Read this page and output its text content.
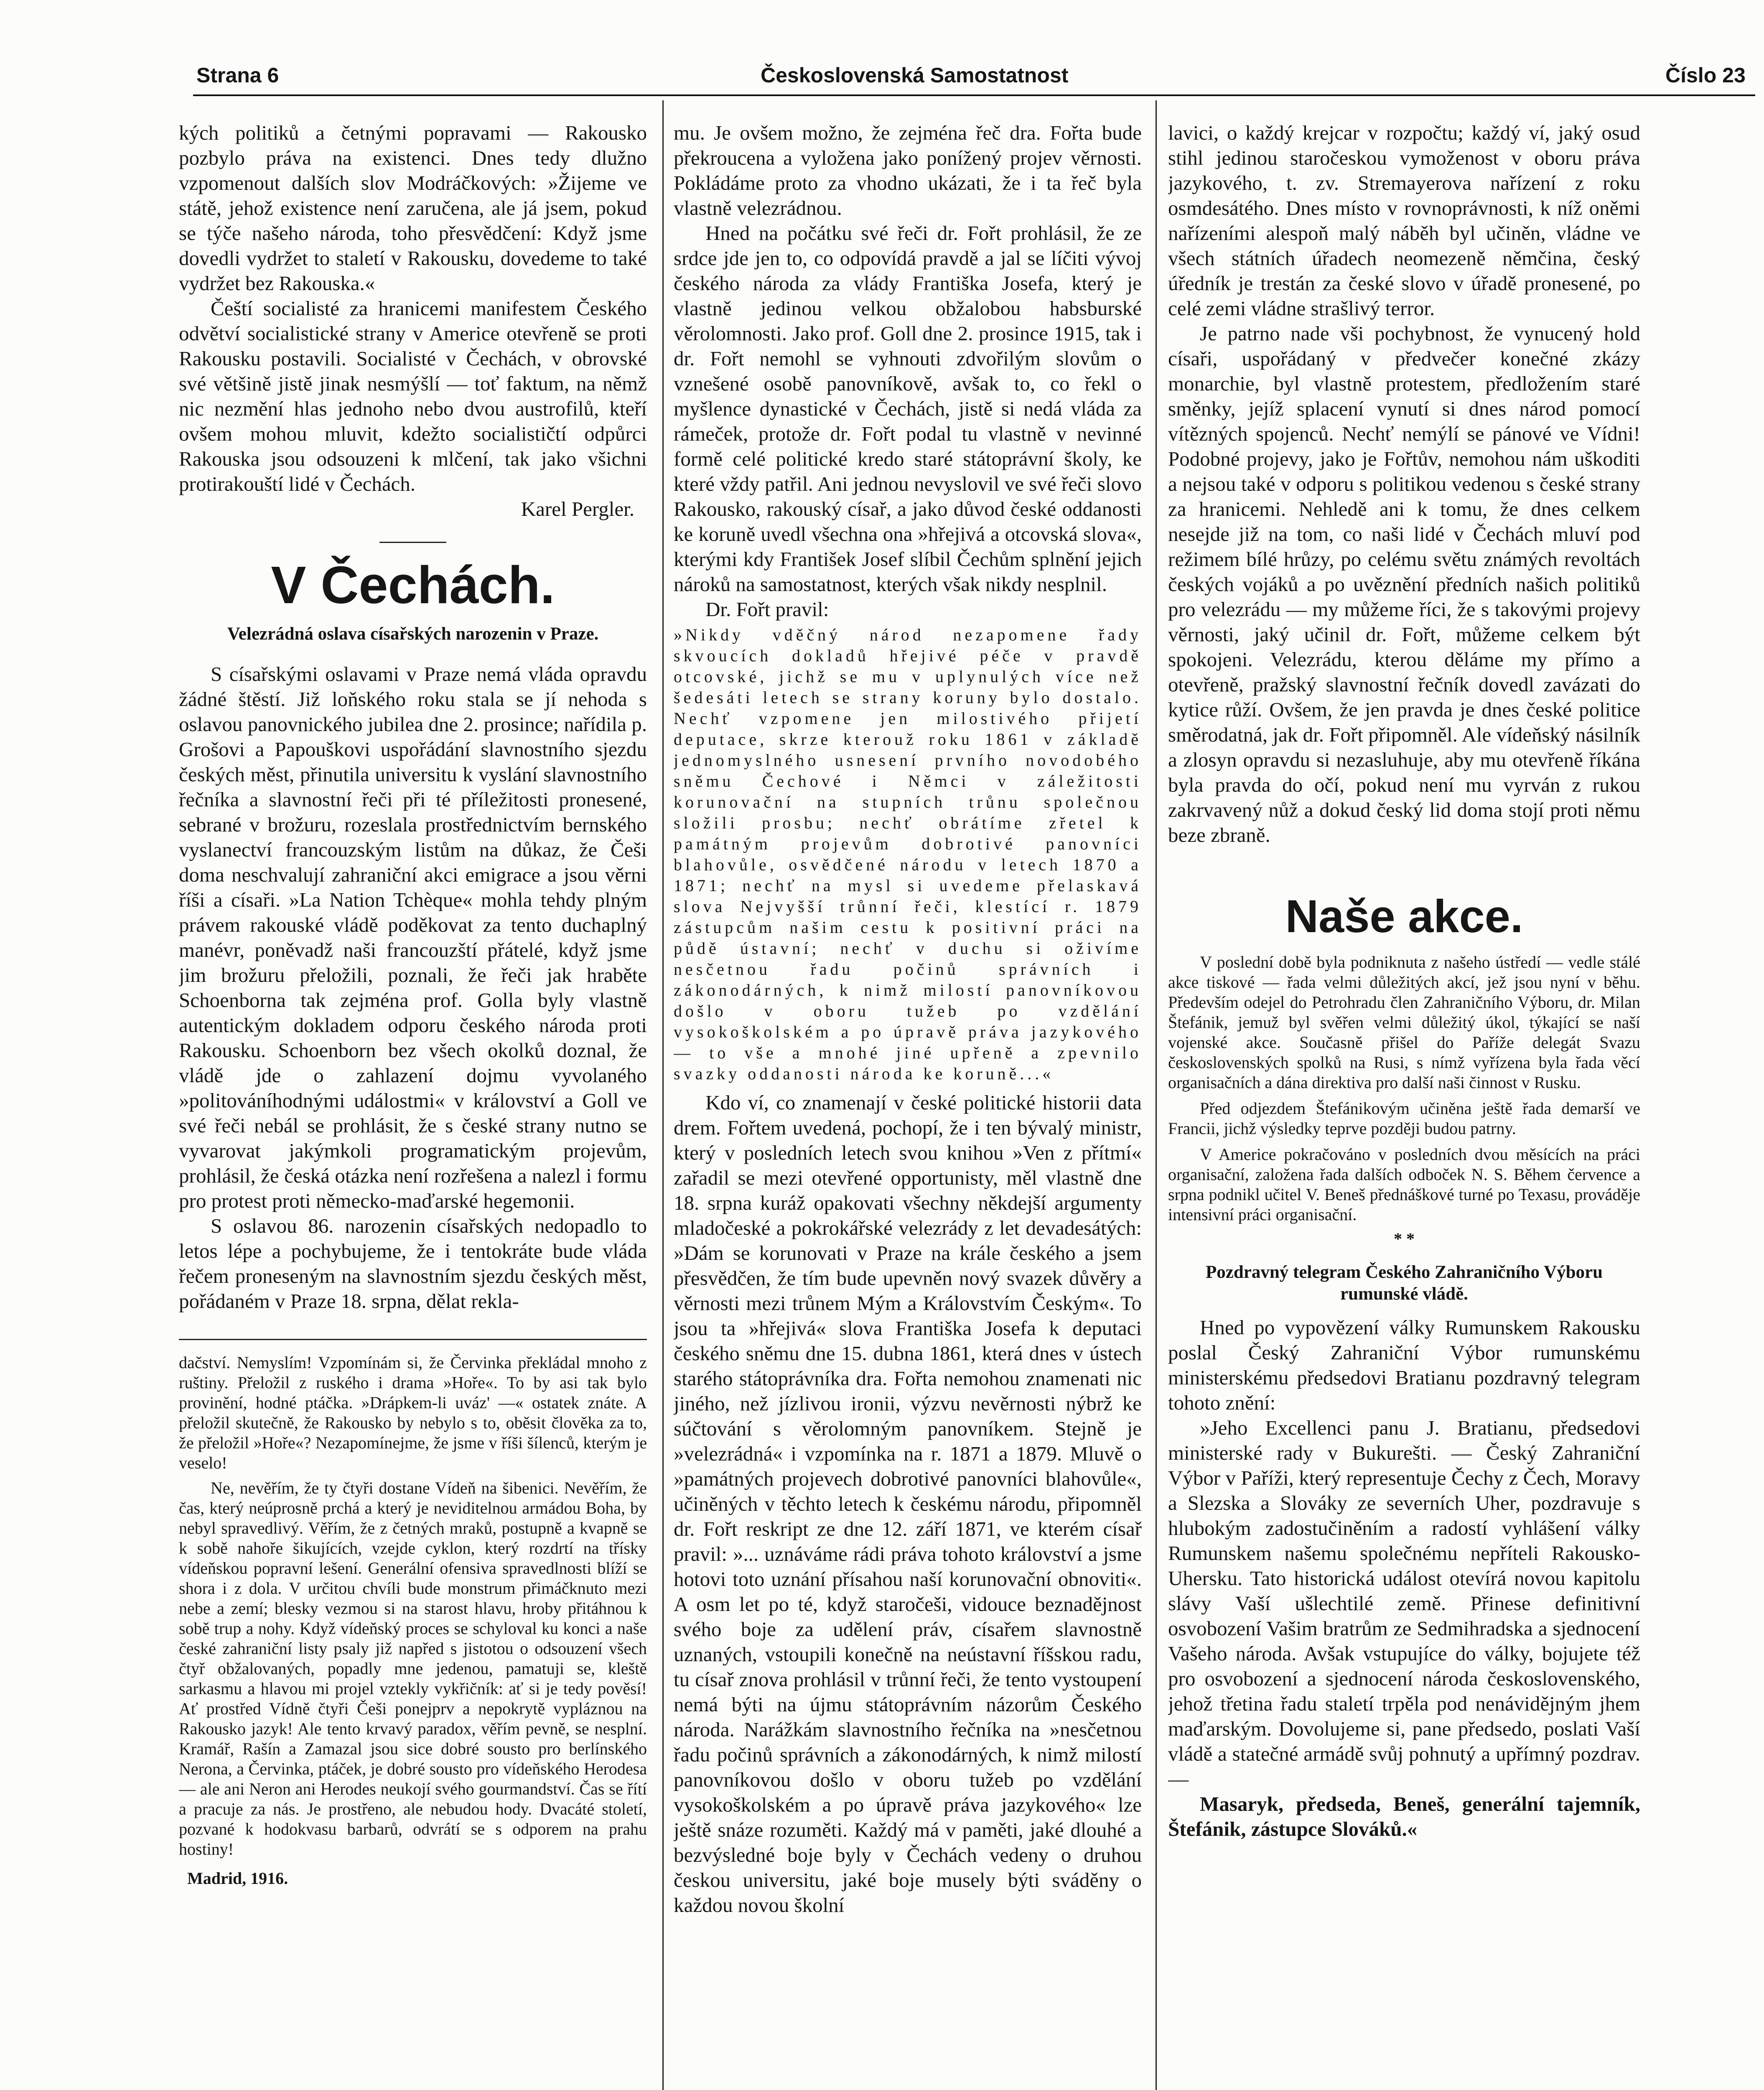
Strana 6	Československá Samostatnost	Číslo 23

kých politiků a četnými popravami — Rakousko pozbylo práva na existenci. Dnes tedy dlužno vzpomenout dalších slov Modráčkových: »Žijeme ve státě, jehož existence není zaručena, ale já jsem, pokud se týče našeho národa, toho přesvědčení: Když jsme dovedli vydržet to staletí v Rakousku, dovedeme to také vydržet bez Rakouska.«

Čeští socialisté za hranicemi manifestem Českého odvětví socialistické strany v Americe otevřeně se proti Rakousku postavili. Socialisté v Čechách, v obrovské své většině jistě jinak nesmýšlí — toť faktum, na němž nic nezmění hlas jednoho nebo dvou austrofilů, kteří ovšem mohou mluvit, kdežto socialističtí odpůrci Rakouska jsou odsouzeni k mlčení, tak jako všichni protirakouští lidé v Čechách.

Karel Pergler.

V Čechách.
Velezrádná oslava císařských narozenin v Praze.

S císařskými oslavami v Praze nemá vláda opravdu žádné štěstí. Již loňského roku stala se jí nehoda s oslavou panovnického jubilea dne 2. prosince; nařídila p. Grošovi a Papouškovi uspořádání slavnostního sjezdu českých měst, přinutila universitu k vyslání slavnostního řečníka a slavnostní řeči při té příležitosti pronesené, sebrané v brožuru, rozeslala prostřednictvím bernského vyslanectví francouzským listům na důkaz, že Češi doma neschvalují zahraniční akci emigrace a jsou věrni říši a císaři. »La Nation Tchèque« mohla tehdy plným právem rakouské vládě poděkovat za tento duchaplný manévr, poněvadž naši francouzští přátelé, když jsme jim brožuru přeložili, poznali, že řeči jak hraběte Schoenborna tak zejména prof. Golla byly vlastně autentickým dokladem odporu českého národa proti Rakousku. Schoenborn bez všech okolků doznal, že vládě jde o zahlazení dojmu vyvolaného »politováníhodnými událostmi« v království a Goll ve své řeči nebál se prohlásit, že s české strany nutno se vyvarovat jakýmkoli programatickým projevům, prohlásil, že česká otázka není rozřešena a nalezl i formu pro protest proti německo-maďarské hegemonii.

S oslavou 86. narozenin císařských nedopadlo to letos lépe a pochybujeme, že i tentokráte bude vláda řečem proneseným na slavnostním sjezdu českých měst, pořádaném v Praze 18. srpna, dělat rekla-

dačství. Nemyslím! Vzpomínám si, že Červinka překládal mnoho z ruštiny. Přeložil z ruského i drama »Hoře«. To by asi tak bylo provinění, hodné ptáčka. »Drápkem-li uváz' —« ostatek znáte. A přeložil skutečně, že Rakousko by nebylo s to, oběsit člověka za to, že přeložil »Hoře«? Nezapomínejme, že jsme v říši šílenců, kterým je veselo!

Ne, nevěřím, že ty čtyři dostane Vídeň na šibenici. Nevěřím, že čas, který neúprosně prchá a který je neviditelnou armádou Boha, by nebyl spravedlivý. Věřím, že z četných mraků, postupně a kvapně se k sobě nahoře šikujících, vzejde cyklon, který rozdrtí na třísky vídeňskou popravní lešení. Generální ofensiva spravedlnosti blíží se shora i z dola. V určitou chvíli bude monstrum přimáčknuto mezi nebe a zemí; blesky vezmou si na starost hlavu, hroby přitáhnou k sobě trup a nohy. Když vídeňský proces se schyloval ku konci a naše české zahraniční listy psaly již napřed s jistotou o odsouzení všech čtyř obžalovaných, popadly mne jedenou, pamatuji se, kleště sarkasmu a hlavou mi projel vztekly vykřičník: ať si je tedy pověsí! Ať prostřed Vídně čtyři Češi ponejprv a nepokrytě vypláznou na Rakousko jazyk! Ale tento krvavý paradox, věřím pevně, se nesplní. Kramář, Rašín a Zamazal jsou sice dobré sousto pro berlínského Nerona, a Červinka, ptáček, je dobré sousto pro vídeňského Herodesa — ale ani Neron ani Herodes neukojí svého gourmandství. Čas se řítí a pracuje za nás. Je prostřeno, ale nebudou hody. Dvacáté století, pozvané k hodokvasu barbarů, odvrátí se s odporem na prahu hostiny!

Madrid, 1916.

mu. Je ovšem možno, že zejména řeč dra. Fořta bude překroucena a vyložena jako ponížený projev věrnosti. Pokládáme proto za vhodno ukázati, že i ta řeč byla vlastně velezrádnou.

Hned na počátku své řeči dr. Fořt prohlásil, že ze srdce jde jen to, co odpovídá pravdě a jal se líčiti vývoj českého národa za vlády Františka Josefa, který je vlastně jedinou velkou obžalobou habsburské věrolomnosti. Jako prof. Goll dne 2. prosince 1915, tak i dr. Fořt nemohl se vyhnouti zdvořilým slovům o vznešené osobě panovníkově, avšak to, co řekl o myšlence dynastické v Čechách, jistě si nedá vláda za rámeček, protože dr. Fořt podal tu vlastně v nevinné formě celé politické kredo staré státoprávní školy, ke které vždy patřil. Ani jednou nevyslovil ve své řeči slovo Rakousko, rakouský císař, a jako důvod české oddanosti ke koruně uvedl všechna ona »hřejivá a otcovská slova«, kterými kdy František Josef slíbil Čechům splnění jejich nároků na samostatnost, kterých však nikdy nesplnil.

Dr. Fořt pravil:

»Nikdy vděčný národ nezapomene řady skvoucích dokladů hřejivé péče v pravdě otcovské, jichž se mu v uplynulých více než šedesáti letech se strany koruny bylo dostalo. Nechť vzpomene jen milostivého přijetí deputace, skrze kterouž roku 1861 v základě jednomyslného usnesení prvního novodobého sněmu Čechové i Němci v záležitosti korunovační na stupních trůnu společnou složili prosbu; nechť obrátíme zřetel k památným projevům dobrotivé panovníci blahovůle, osvědčené národu v letech 1870 a 1871; nechť na mysl si uvedeme přelaskavá slova Nejvyšší trůnní řeči, klestící r. 1879 zástupcům našim cestu k positivní práci na půdě ústavní; nechť v duchu si oživíme nesčetnou řadu počinů správních i zákonodárných, k nimž milostí panovníkovou došlo v oboru tužeb po vzdělání vysokoškolském a po úpravě práva jazykového — to vše a mnohé jiné upřeně a zpevnilo svazky oddanosti národa ke koruně...«

Kdo ví, co znamenají v české politické historii data drem. Fořtem uvedená, pochopí, že i ten bývalý ministr, který v posledních letech svou knihou »Ven z přítmí« zařadil se mezi otevřené opportunisty, měl vlastně dne 18. srpna kuráž opakovati všechny někdejší argumenty mladočeské a pokrokářské velezrády z let devadesátých: »Dám se korunovati v Praze na krále českého a jsem přesvědčen, že tím bude upevněn nový svazek důvěry a věrnosti mezi trůnem Mým a Královstvím Českým«. To jsou ta »hřejivá« slova Františka Josefa k deputaci českého sněmu dne 15. dubna 1861, která dnes v ústech starého státoprávníka dra. Fořta nemohou znamenati nic jiného, než jízlivou ironii, výzvu nevěrnosti nýbrž ke súčtování s věrolomným panovníkem. Stejně je »velezrádná« i vzpomínka na r. 1871 a 1879. Mluvě o »památných projevech dobrotivé panovníci blahovůle«, učiněných v těchto letech k českému národu, připomněl dr. Fořt reskript ze dne 12. září 1871, ve kterém císař pravil: »... uznáváme rádi práva tohoto království a jsme hotovi toto uznání přísahou naší korunovační obnoviti«. A osm let po té, když staročeši, vidouce beznadějnost svého boje za udělení práv, císařem slavnostně uznaných, vstoupili konečně na neústavní říšskou radu, tu císař znova prohlásil v trůnní řeči, že tento vystoupení nemá býti na újmu státoprávním názorům Českého národa. Narážkám slavnostního řečníka na »nesčetnou řadu počinů správních a zákonodárných, k nimž milostí panovníkovou došlo v oboru tužeb po vzdělání vysokoškolském a po úpravě práva jazykového« lze ještě snáze rozuměti. Každý má v paměti, jaké dlouhé a bezvýsledné boje byly v Čechách vedeny o druhou českou universitu, jaké boje musely býti sváděny o každou novou školní

lavici, o každý krejcar v rozpočtu; každý ví, jaký osud stihl jedinou staročeskou vymoženost v oboru práva jazykového, t. zv. Stremayerova nařízení z roku osmdesátého. Dnes místo v rovnoprávnosti, k níž oněmi nařízeními alespoň malý náběh byl učiněn, vládne ve všech státních úřadech neomezeně němčina, český úředník je trestán za české slovo v úřadě pronesené, po celé zemi vládne strašlivý terror.

Je patrno nade vši pochybnost, že vynucený hold císaři, uspořádaný v předvečer konečné zkázy monarchie, byl vlastně protestem, předložením staré směnky, jejíž splacení vynutí si dnes národ pomocí vítězných spojenců. Nechť nemýlí se pánové ve Vídni! Podobné projevy, jako je Fořtův, nemohou nám uškoditi a nejsou také v odporu s politikou vedenou s české strany za hranicemi. Nehledě ani k tomu, že dnes celkem nesejde již na tom, co naši lidé v Čechách mluví pod režimem bílé hrůzy, po celému světu známých revoltách českých vojáků a po uvěznění předních našich politiků pro velezrádu — my můžeme říci, že s takovými projevy věrnosti, jaký učinil dr. Fořt, můžeme celkem být spokojeni. Velezrádu, kterou děláme my přímo a otevřeně, pražský slavnostní řečník dovedl zavázati do kytice růží. Ovšem, že jen pravda je dnes české politice směrodatná, jak dr. Fořt připomněl. Ale vídeňský násilník a zlosyn opravdu si nezasluhuje, aby mu otevřeně říkána byla pravda do očí, pokud není mu vyrván z rukou zakrvavený nůž a dokud český lid doma stojí proti němu beze zbraně.

Naše akce.

V poslední době byla podniknuta z našeho ústředí — vedle stálé akce tiskové — řada velmi důležitých akcí, jež jsou nyní v běhu. Především odejel do Petrohradu člen Zahraničního Výboru, dr. Milan Štefánik, jemuž byl svěřen velmi důležitý úkol, týkající se naší vojenské akce. Současně přišel do Paříže delegát Svazu československých spolků na Rusi, s nímž vyřízena byla řada věcí organisačních a dána direktiva pro další naši činnost v Rusku.

Před odjezdem Štefánikovým učiněna ještě řada demarší ve Francii, jichž výsledky teprve později budou patrny.

V Americe pokračováno v posledních dvou měsících na práci organisační, založena řada dalších odboček N. S. Během července a srpna podnikl učitel V. Beneš přednáškové turné po Texasu, prováděje intensivní práci organisační.

* *
Pozdravný telegram Českého Zahraničního Výboru rumunské vládě.

Hned po vypovězení války Rumunskem Rakousku poslal Český Zahraniční Výbor rumunskému ministerskému předsedovi Bratianu pozdravný telegram tohoto znění:

»Jeho Excellenci panu J. Bratianu, předsedovi ministerské rady v Bukurešti. — Český Zahraniční Výbor v Paříži, který representuje Čechy z Čech, Moravy a Slezska a Slováky ze severních Uher, pozdravuje s hlubokým zadostučiněním a radostí vyhlášení války Rumunskem našemu společnému nepříteli Rakousko-Uhersku. Tato historická událost otevírá novou kapitolu slávy Vaší ušlechtilé země. Přinese definitivní osvobození Vašim bratrům ze Sedmihradska a sjednocení Vašeho národa. Avšak vstupujíce do války, bojujete též pro osvobození a sjednocení národa československého, jehož třetina řadu staletí trpěla pod nenávidějným jhem maďarským. Dovolujeme si, pane předsedo, poslati Vaší vládě a statečné armádě svůj pohnutý a upřímný pozdrav. —

Masaryk, předseda, Beneš, generální tajemník, Štefánik, zástupce Slováků.«
